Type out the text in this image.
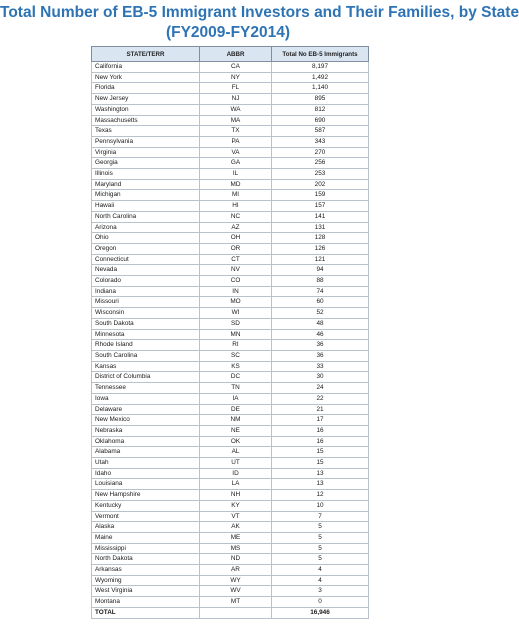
Total Number of EB-5 Immigrant Investors and Their Families, by State
(FY2009-FY2014)
STATE/TERR	ABBR	Total No EB-5 Immigrants
California	CA	8,197
New York	NY	1,492
Florida	FL	1,140
New Jersey	NJ	895
Washington	WA	812
Massachusetts	MA	690
Texas	TX	587
Pennsylvania	PA	343
Virginia	VA	270
Georgia	GA	256
Illinois	IL	253
Maryland	MD	202
Michigan	MI	159
Hawaii	HI	157
North Carolina	NC	141
Arizona	AZ	131
Ohio	OH	128
Oregon	OR	126
Connecticut	CT	121
Nevada	NV	94
Colorado	CO	88
Indiana	IN	74
Missouri	MO	60
Wisconsin	WI	52
South Dakota	SD	48
Minnesota	MN	46
Rhode Island	RI	36
South Carolina	SC	36
Kansas	KS	33
District of Columbia	DC	30
Tennessee	TN	24
Iowa	IA	22
Delaware	DE	21
New Mexico	NM	17
Nebraska	NE	16
Oklahoma	OK	16
Alabama	AL	15
Utah	UT	15
Idaho	ID	13
Louisiana	LA	13
New Hampshire	NH	12
Kentucky	KY	10
Vermont	VT	7
Alaska	AK	5
Maine	ME	5
Mississippi	MS	5
North Dakota	ND	5
Arkansas	AR	4
Wyoming	WY	4
West Virginia	WV	3
Montana	MT	0
TOTAL		16,946
